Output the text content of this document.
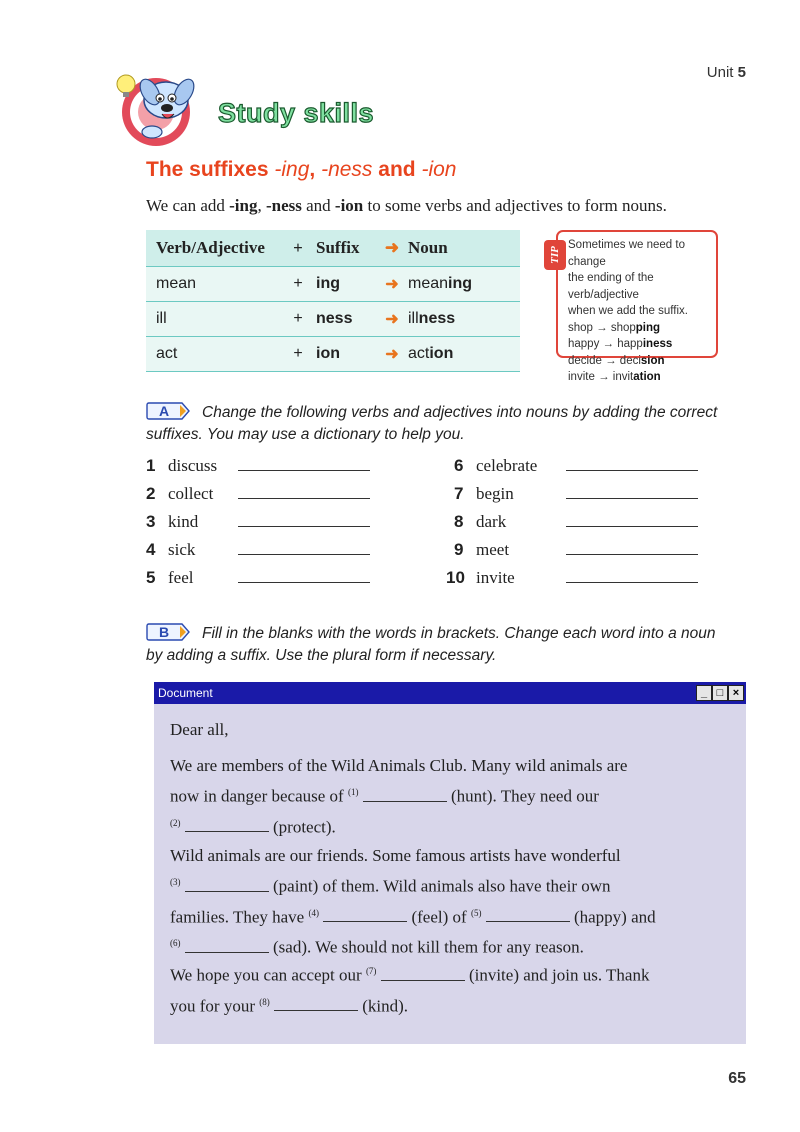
Unit 5
Study skills
The suffixes -ing, -ness and -ion
We can add -ing, -ness and -ion to some verbs and adjectives to form nouns.
Verb/Adjective	+	Suffix	➜	Noun
mean	+	ing	➜	meaning
ill	+	ness	➜	illness
act	+	ion	➜	action
TIP
Sometimes we need to change
the ending of the verb/adjective
when we add the suffix.
shop → shopping
happy → happiness
decide → decision
invite → invitation
A	Change the following verbs and adjectives into nouns by adding the correct
suffixes. You may use a dictionary to help you.
1 discuss
2 collect
3 kind
4 sick
5 feel
6 celebrate
7 begin
8 dark
9 meet
10 invite
B	Fill in the blanks with the words in brackets. Change each word into a noun
by adding a suffix. Use the plural form if necessary.
Document	_ □ ×

Dear all,

We are members of the Wild Animals Club. Many wild animals are
now in danger because of $^{(1)}$	(hunt). They need our
$^{(2)}$	(protect).

Wild animals are our friends. Some famous artists have wonderful
$^{(3)}$	(paint) of them. Wild animals also have their own
families. They have $^{(4)}$	(feel) of $^{(5)}$	(happy) and
$^{(6)}$	(sad). We should not kill them for any reason.

We hope you can accept our $^{(7)}$	(invite) and join us. Thank
you for your $^{(8)}$	(kind).

65
